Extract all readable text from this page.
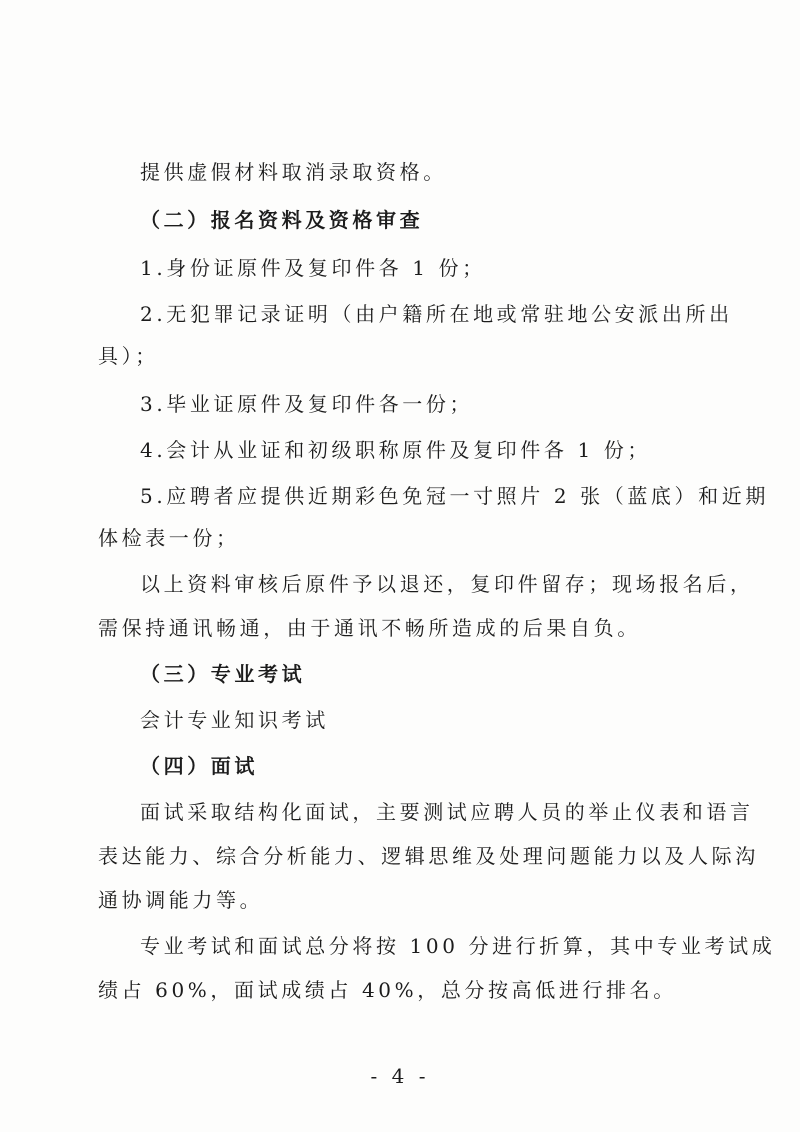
提供虚假材料取消录取资格。

（二）报名资料及资格审查

1.身份证原件及复印件各 1 份；

2.无犯罪记录证明（由户籍所在地或常驻地公安派出所出

具）；

3.毕业证原件及复印件各一份；

4.会计从业证和初级职称原件及复印件各 1 份；

5.应聘者应提供近期彩色免冠一寸照片 2 张（蓝底）和近期

体检表一份；

以上资料审核后原件予以退还，复印件留存；现场报名后，

需保持通讯畅通，由于通讯不畅所造成的后果自负。

（三）专业考试

会计专业知识考试

（四）面试

面试采取结构化面试，主要测试应聘人员的举止仪表和语言

表达能力、综合分析能力、逻辑思维及处理问题能力以及人际沟

通协调能力等。

专业考试和面试总分将按 100 分进行折算，其中专业考试成

绩占 60%，面试成绩占 40%，总分按高低进行排名。

- 4 -
